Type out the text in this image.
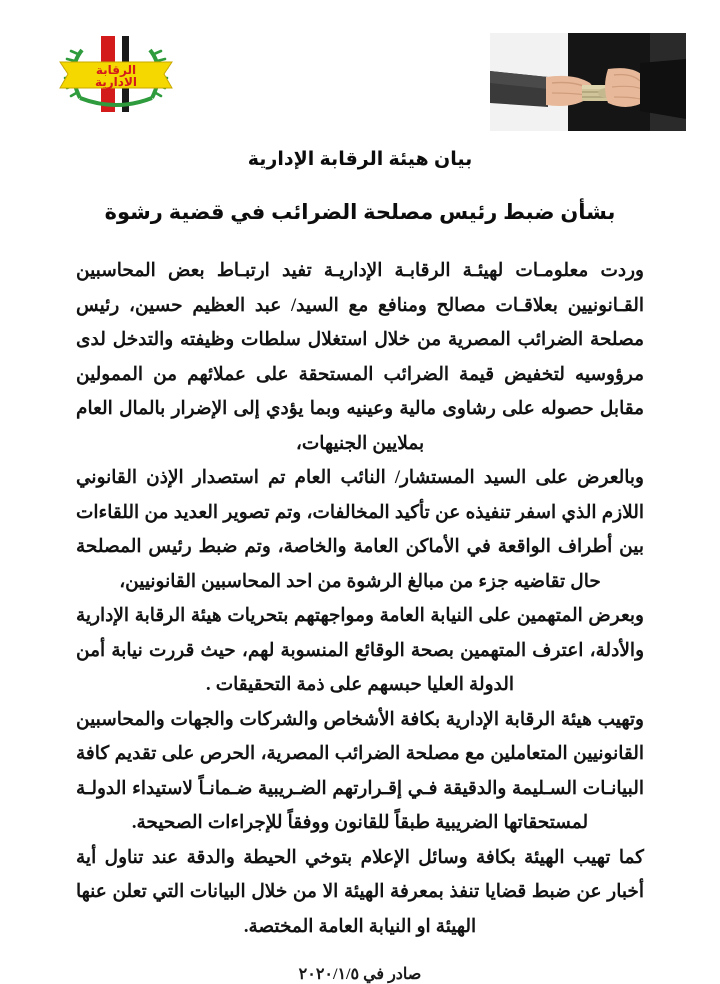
الرقابة
الادارية
بيان هيئة الرقابة الإدارية
بشأن ضبط رئيس مصلحة الضرائب في قضية رشوة

وردت معلومـات لهيئـة الرقابـة الإداريـة تفيد ارتبـاط بعض المحاسبين القـانونيين بعلاقـات مصالح ومنافع مع السيد/ عبد العظيم حسين، رئيس مصلحة الضرائب المصرية من خلال استغلال سلطات وظيفته والتدخل لدى مرؤوسيه لتخفيض قيمة الضرائب المستحقة على عملائهم من الممولين مقابل حصوله على رشاوى مالية وعينيه وبما يؤدي إلى الإضرار بالمال العام بملايين الجنيهات،

وبالعرض على السيد المستشار/ النائب العام تم استصدار الإذن القانوني اللازم الذي اسفر تنفيذه عن تأكيد المخالفات، وتم تصوير العديد من اللقاءات بين أطراف الواقعة في الأماكن العامة والخاصة، وتم ضبط رئيس المصلحة حال تقاضيه جزء من مبالغ الرشوة من احد المحاسبين القانونيين،

وبعرض المتهمين على النيابة العامة ومواجهتهم بتحريات هيئة الرقابة الإدارية والأدلة، اعترف المتهمين بصحة الوقائع المنسوبة لهم، حيث قررت نيابة أمن الدولة العليا حبسهم على ذمة التحقيقات .

وتهيب هيئة الرقابة الإدارية بكافة الأشخاص والشركات والجهات والمحاسبين القانونيين المتعاملين مع مصلحة الضرائب المصرية، الحرص على تقديم كافة البيانـات السـليمة والدقيقة فـي إقـرارتهم الضـريبية ضـمانـاً لاستيداء الدولـة لمستحقاتها الضريبية طبقاً للقانون ووفقاً للإجراءات الصحيحة.

كما تهيب الهيئة بكافة وسائل الإعلام بتوخي الحيطة والدقة عند تناول أية أخبار عن ضبط قضايا تنفذ بمعرفة الهيئة الا من خلال البيانات التي تعلن عنها الهيئة او النيابة العامة المختصة.

صادر في ٢٠٢٠/١/٥
